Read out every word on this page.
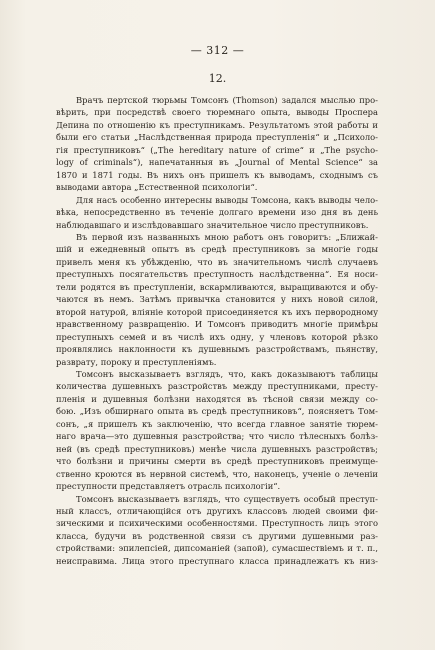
— 312 —
12.
Врачъ пертской тюрьмы Томсонъ (Thomson) задался мыслью про-
вѣрить, при посредствѣ своего тюремнаго опыта, выводы Проспера
Депина по отношенію къ преступникамъ. Результатомъ этой работы и
были его статьи „Наслѣдственная природа преступленія“ и „Психоло-
гія преступниковъ“ („The hereditary nature of crime“ и „The psycho-
logy of criminals“), напечатанныя въ „Journal of Mental Science“ за
1870 и 1871 годы. Въ нихъ онъ пришелъ къ выводамъ, сходнымъ съ
выводами автора „Естественной психологіи“.
Для насъ особенно интересны выводы Томсона, какъ выводы чело-
вѣка, непосредственно въ теченіе долгаго времени изо дня въ день
наблюдавшаго и изслѣдовавшаго значительное число преступниковъ.
Въ первой изъ названныхъ мною работъ онъ говоритъ: „Ближай-
шій и ежедневный опытъ въ средѣ преступниковъ за многіе годы
привелъ меня къ убѣжденію, что въ значительномъ числѣ случаевъ
преступныхъ посягательствъ преступность наслѣдственна“. Ея носи-
тели родятся въ преступленіи, вскармливаются, выращиваются и обу-
чаются въ немъ. Затѣмъ привычка становится у нихъ новой силой,
второй натурой, вліяніе которой присоединяется къ ихъ первородному
нравственному развращенію. И Томсонъ приводитъ многіе примѣры
преступныхъ семей и въ числѣ ихъ одну, у членовъ которой рѣзко
проявлялись наклонности къ душевнымъ разстройствамъ, пьянству,
разврату, пороку и преступленіямъ.
Томсонъ высказываетъ взглядъ, что, какъ доказываютъ таблицы
количества душевныхъ разстройствъ между преступниками, престу-
пленія и душевныя болѣзни находятся въ тѣсной связи между со-
бою. „Изъ обширнаго опыта въ средѣ преступниковъ“, поясняетъ Том-
сонъ, „я пришелъ къ заключенію, что всегда главное занятіе тюрем-
наго врача—это душевныя разстройства; что число тѣлесныхъ болѣз-
ней (въ средѣ преступниковъ) менѣе числа душевныхъ разстройствъ;
что болѣзни и причины смерти въ средѣ преступниковъ преимуще-
ственно кроются въ нервной системѣ, что, наконецъ, ученіе о леченіи
преступности представляетъ отрасль психологіи“.
Томсонъ высказываетъ взглядъ, что существуетъ особый преступ-
ный классъ, отличающійся отъ другихъ классовъ людей своими фи-
зическими и психическими особенностями. Преступность лицъ этого
класса, будучи въ родственной связи съ другими душевными раз-
стройствами: эпилепсіей, дипсоманіей (запой), сумасшествіемъ и т. п.,
неисправима. Лица этого преступнаго класса принадлежатъ къ низ-
